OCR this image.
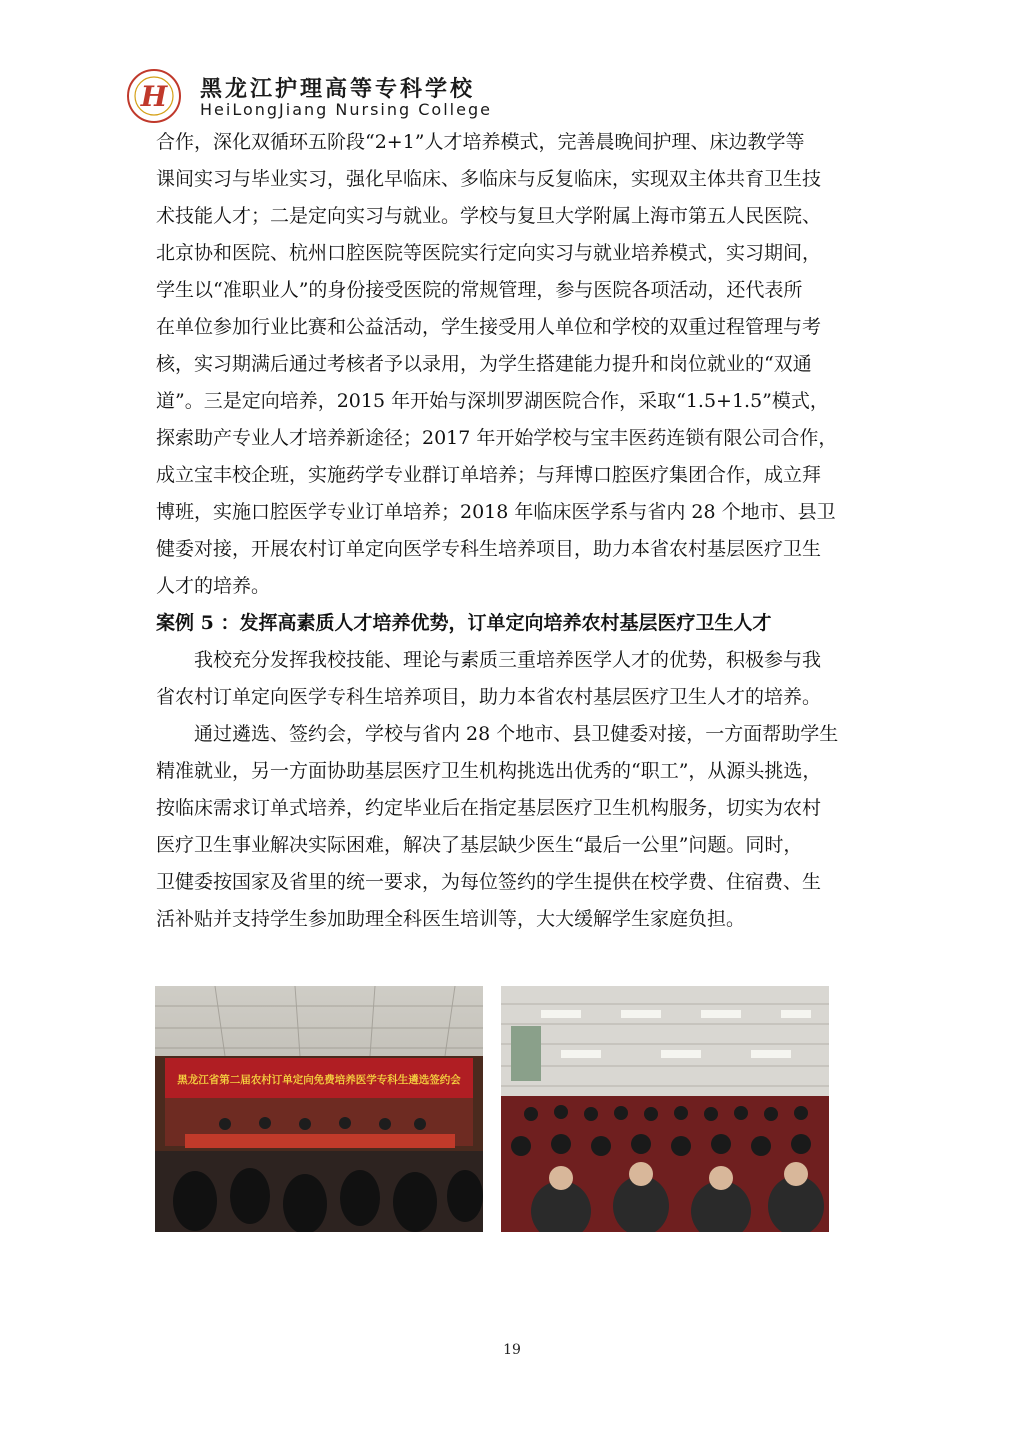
H 黑龙江护理高等专科学校
HeiLongJiang Nursing College
合作，深化双循环五阶段“2+1”人才培养模式，完善晨晚间护理、床边教学等
课间实习与毕业实习，强化早临床、多临床与反复临床，实现双主体共育卫生技
术技能人才；二是定向实习与就业。学校与复旦大学附属上海市第五人民医院、
北京协和医院、杭州口腔医院等医院实行定向实习与就业培养模式，实习期间，
学生以“准职业人”的身份接受医院的常规管理，参与医院各项活动，还代表所
在单位参加行业比赛和公益活动，学生接受用人单位和学校的双重过程管理与考
核，实习期满后通过考核者予以录用，为学生搭建能力提升和岗位就业的“双通
道”。三是定向培养，2015 年开始与深圳罗湖医院合作，采取“1.5+1.5”模式，
探索助产专业人才培养新途径；2017 年开始学校与宝丰医药连锁有限公司合作，
成立宝丰校企班，实施药学专业群订单培养；与拜博口腔医疗集团合作，成立拜
博班，实施口腔医学专业订单培养；2018 年临床医学系与省内 28 个地市、县卫
健委对接，开展农村订单定向医学专科生培养项目，助力本省农村基层医疗卫生
人才的培养。
案例 5 ：发挥高素质人才培养优势，订单定向培养农村基层医疗卫生人才
我校充分发挥我校技能、理论与素质三重培养医学人才的优势，积极参与我
省农村订单定向医学专科生培养项目，助力本省农村基层医疗卫生人才的培养。
通过遴选、签约会，学校与省内 28 个地市、县卫健委对接，一方面帮助学生
精准就业，另一方面协助基层医疗卫生机构挑选出优秀的“职工”，从源头挑选，
按临床需求订单式培养，约定毕业后在指定基层医疗卫生机构服务，切实为农村
医疗卫生事业解决实际困难，解决了基层缺少医生“最后一公里”问题。同时，
卫健委按国家及省里的统一要求，为每位签约的学生提供在校学费、住宿费、生
活补贴并支持学生参加助理全科医生培训等，大大缓解学生家庭负担。
黑龙江省第二届农村订单定向免费培养医学专科生遴选签约会
19
